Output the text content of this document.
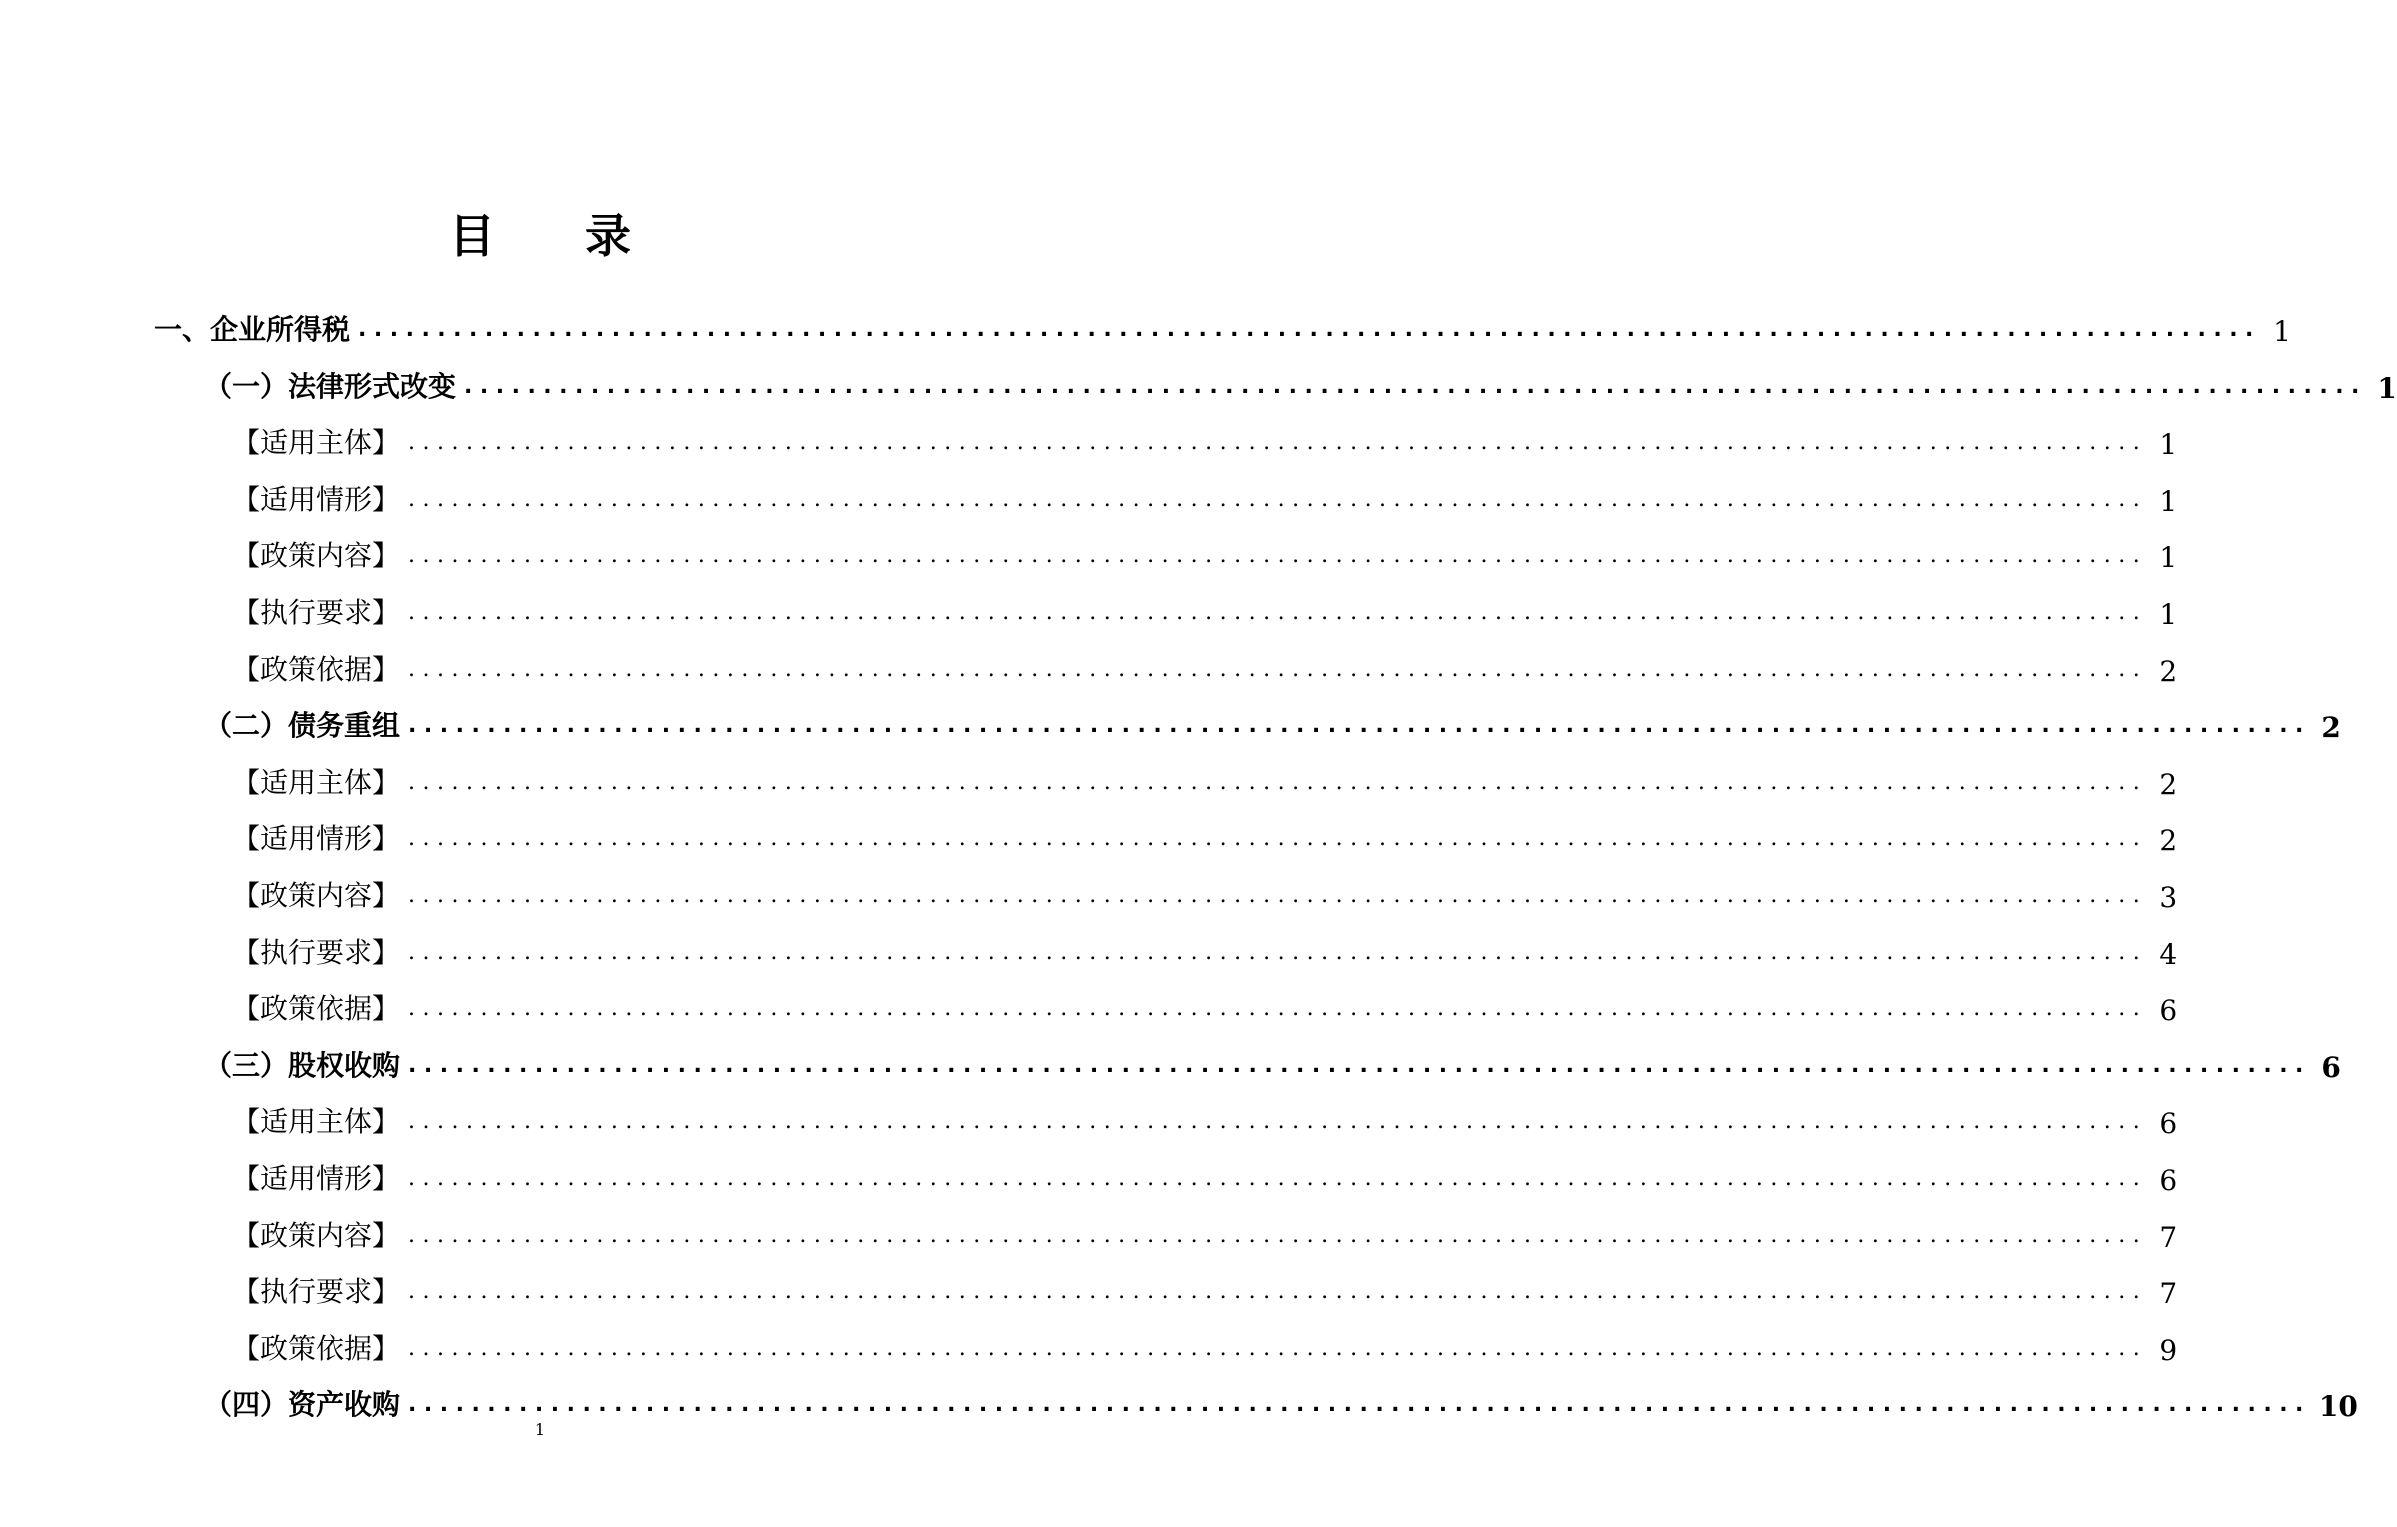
目 录
一、企业所得税 ........................................................................................................................ 1
（一）法律形式改变 ........................................................................................................................ 1
【适用主体】 ........................................................................................................................ 1
【适用情形】 ........................................................................................................................ 1
【政策内容】 ........................................................................................................................ 1
【执行要求】 ........................................................................................................................ 1
【政策依据】 ........................................................................................................................ 2
（二）债务重组 ........................................................................................................................ 2
【适用主体】 ........................................................................................................................ 2
【适用情形】 ........................................................................................................................ 2
【政策内容】 ........................................................................................................................ 3
【执行要求】 ........................................................................................................................ 4
【政策依据】 ........................................................................................................................ 6
（三）股权收购 ........................................................................................................................ 6
【适用主体】 ........................................................................................................................ 6
【适用情形】 ........................................................................................................................ 6
【政策内容】 ........................................................................................................................ 7
【执行要求】 ........................................................................................................................ 7
【政策依据】 ........................................................................................................................ 9
（四）资产收购 ........................................................................................................................ 10
1
